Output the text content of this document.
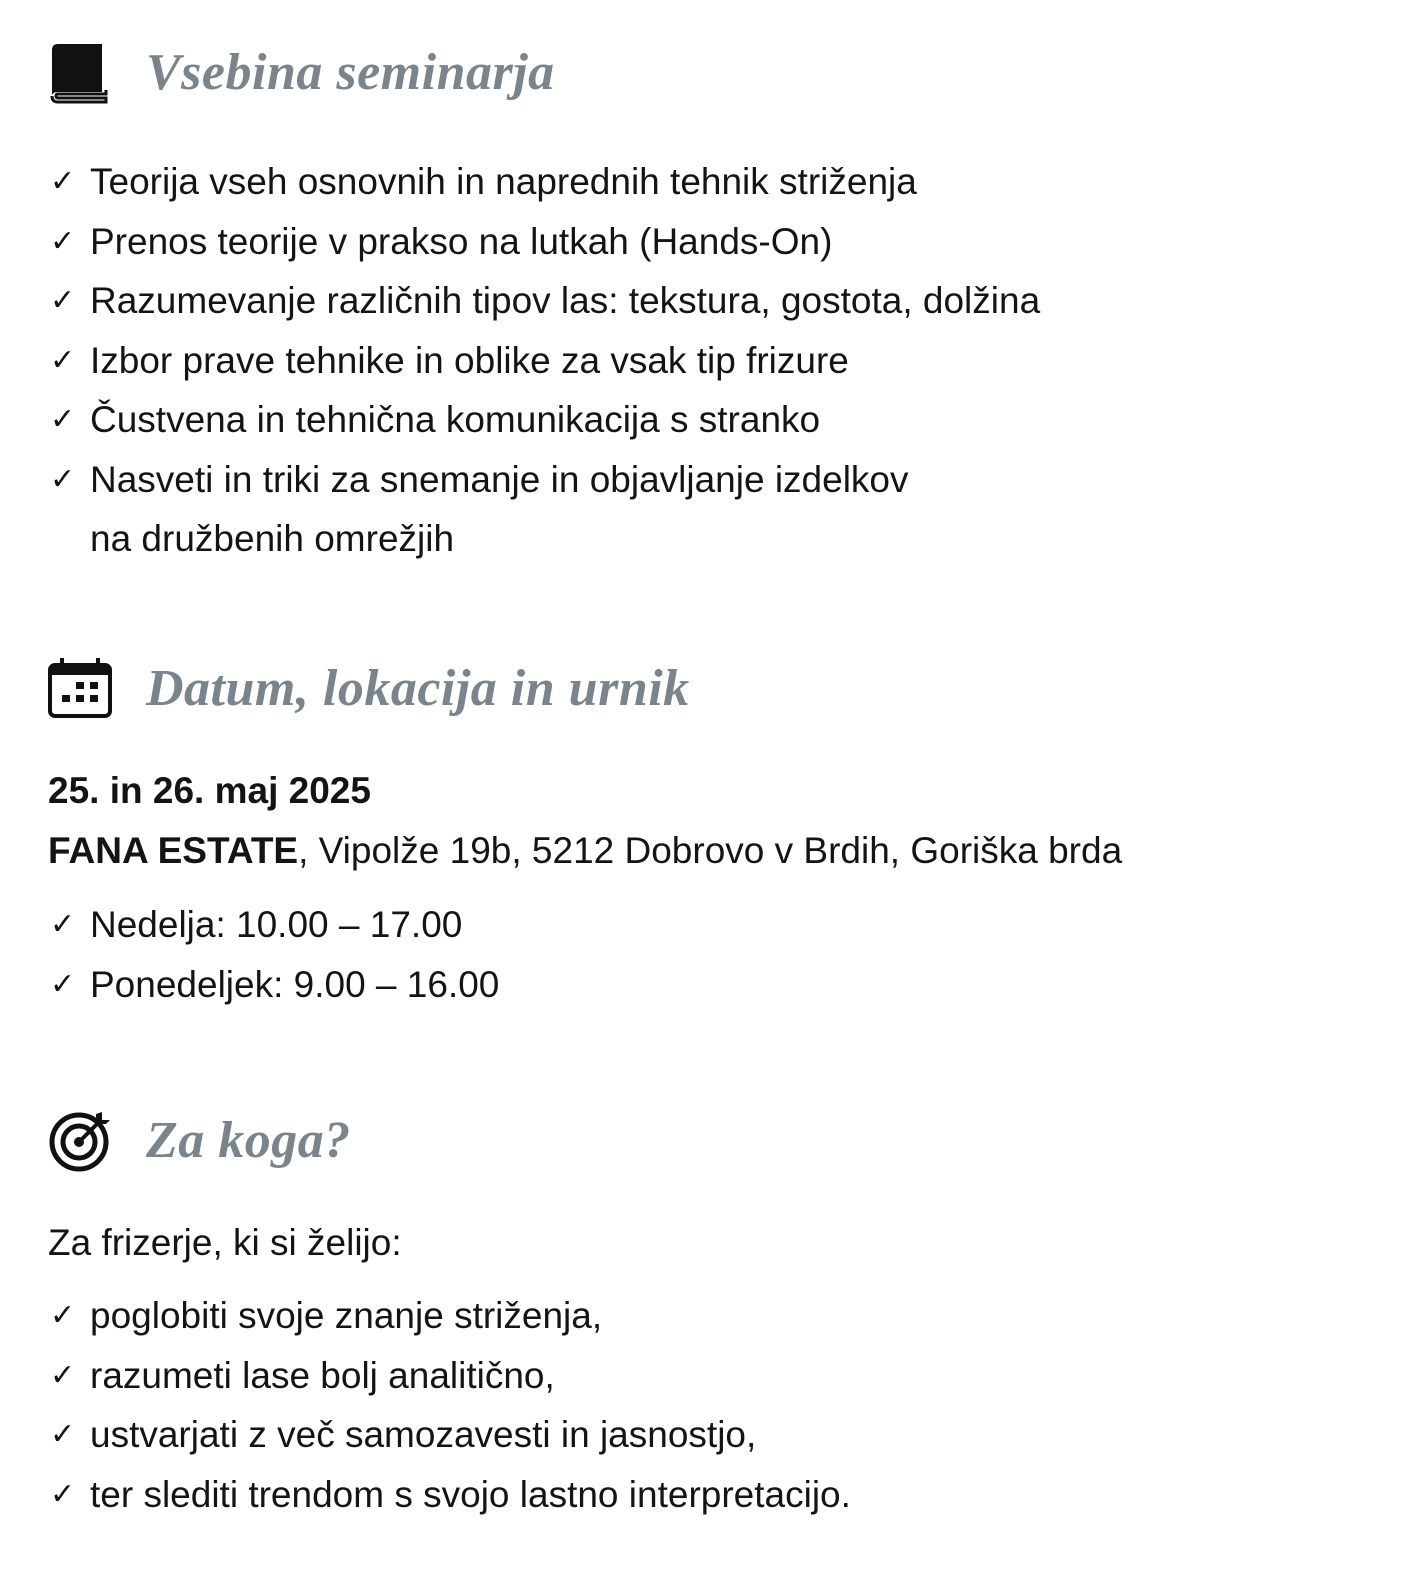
Vsebina seminarja
✓ Teorija vseh osnovnih in naprednih tehnik striženja
✓ Prenos teorije v prakso na lutkah (Hands-On)
✓ Razumevanje različnih tipov las: tekstura, gostota, dolžina
✓ Izbor prave tehnike in oblike za vsak tip frizure
✓ Čustvena in tehnična komunikacija s stranko
✓ Nasveti in triki za snemanje in objavljanje izdelkov
na družbenih omrežjih
Datum, lokacija in urnik

25. in 26. maj 2025

FANA ESTATE, Vipolže 19b, 5212 Dobrovo v Brdih, Goriška brda

✓ Nedelja: 10.00 – 17.00
✓ Ponedeljek: 9.00 – 16.00
Za koga?

Za frizerje, ki si želijo:

✓ poglobiti svoje znanje striženja,
✓ razumeti lase bolj analitično,
✓ ustvarjati z več samozavesti in jasnostjo,
✓ ter slediti trendom s svojo lastno interpretacijo.
